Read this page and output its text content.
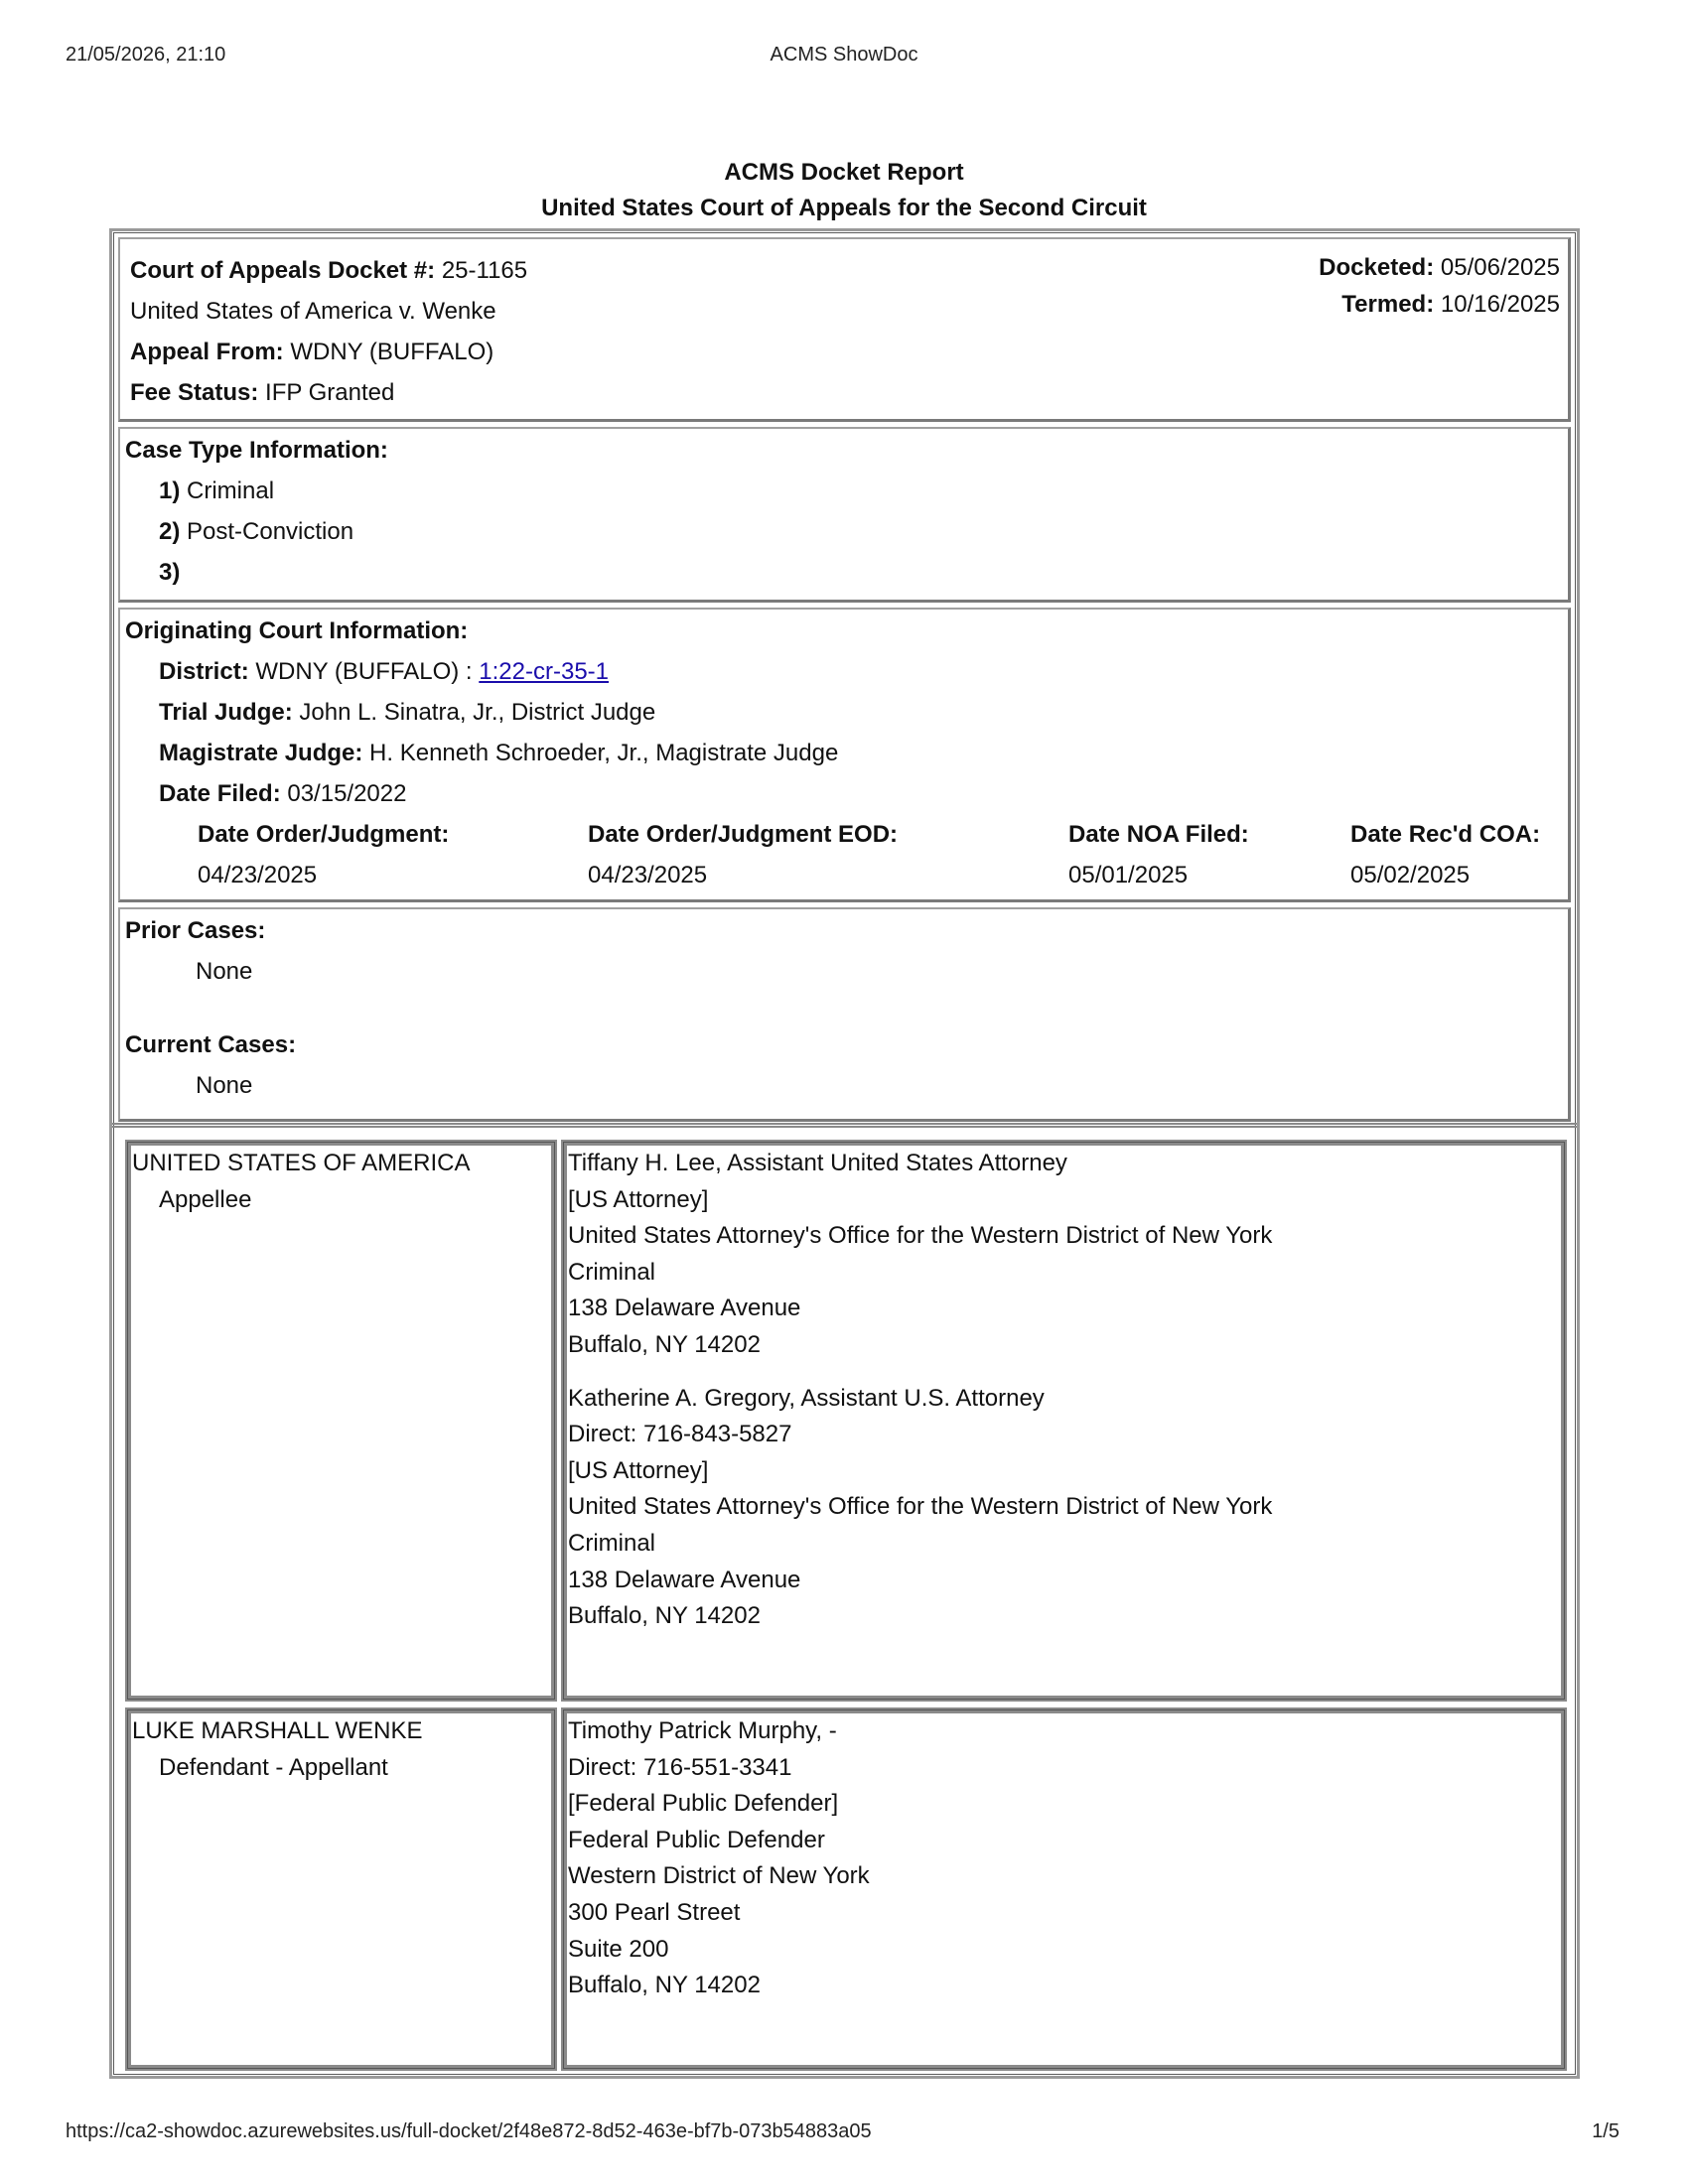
ACMS ShowDoc
21/05/2026, 21:10
ACMS Docket Report
United States Court of Appeals for the Second Circuit
Court of Appeals Docket #: 25-1165
United States of America v. Wenke
Appeal From: WDNY (BUFFALO)
Fee Status: IFP Granted
Docketed: 05/06/2025
Termed: 10/16/2025
Case Type Information:
1) Criminal
2) Post-Conviction
3)
Originating Court Information:
District: WDNY (BUFFALO) : 1:22-cr-35-1
Trial Judge: John L. Sinatra, Jr., District Judge
Magistrate Judge: H. Kenneth Schroeder, Jr., Magistrate Judge
Date Filed: 03/15/2022
Date Order/Judgment:
04/23/2025
Date Order/Judgment EOD:
04/23/2025
Date NOA Filed:
05/01/2025
Date Rec'd COA:
05/02/2025
Prior Cases:
None
Current Cases:
None
UNITED STATES OF AMERICA
Appellee
Tiffany H. Lee, Assistant United States Attorney
[US Attorney]
United States Attorney's Office for the Western District of New York
Criminal
138 Delaware Avenue
Buffalo, NY 14202
Katherine A. Gregory, Assistant U.S. Attorney
Direct: 716-843-5827
[US Attorney]
United States Attorney's Office for the Western District of New York
Criminal
138 Delaware Avenue
Buffalo, NY 14202
LUKE MARSHALL WENKE
Defendant - Appellant
Timothy Patrick Murphy, -
Direct: 716-551-3341
[Federal Public Defender]
Federal Public Defender
Western District of New York
300 Pearl Street
Suite 200
Buffalo, NY 14202
https://ca2-showdoc.azurewebsites.us/full-docket/2f48e872-8d52-463e-bf7b-073b54883a05	1/5
